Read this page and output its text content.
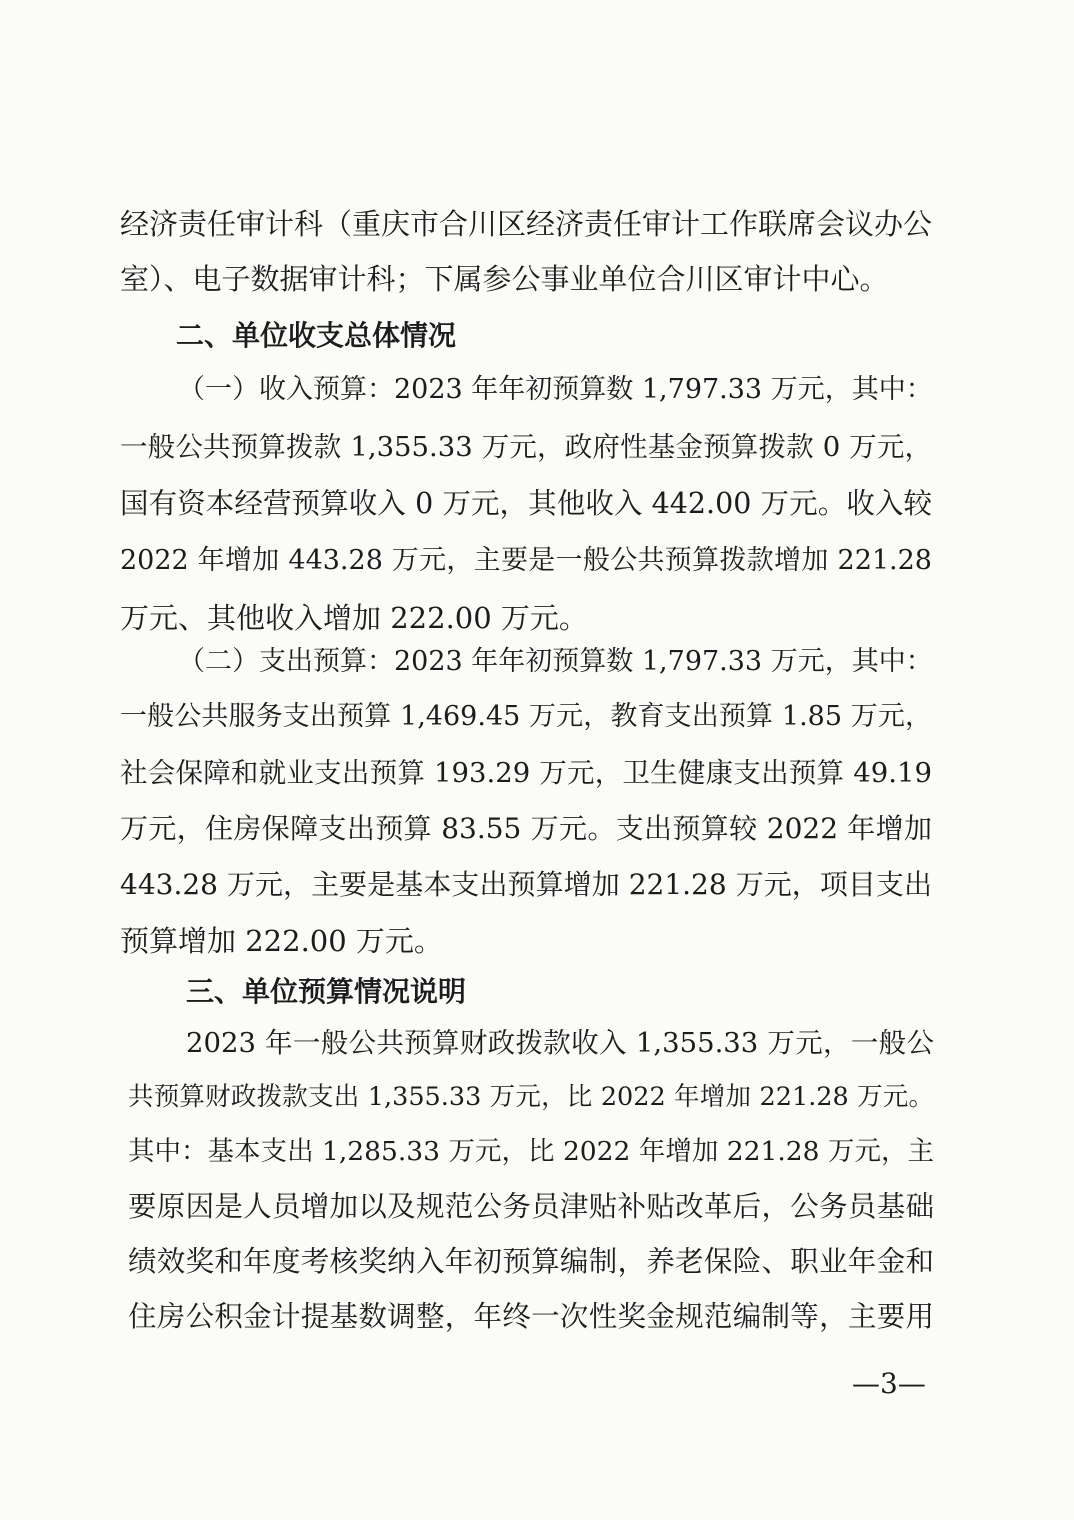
经济责任审计科（重庆市合川区经济责任审计工作联席会议办公
室）、电子数据审计科；下属参公事业单位合川区审计中心。
二、单位收支总体情况
（一）收入预算：2023 年年初预算数 1,797.33 万元，其中：
一般公共预算拨款 1,355.33 万元，政府性基金预算拨款 0 万元，
国有资本经营预算收入 0 万元，其他收入 442.00 万元。收入较
2022 年增加 443.28 万元，主要是一般公共预算拨款增加 221.28
万元、其他收入增加 222.00 万元。
（二）支出预算：2023 年年初预算数 1,797.33 万元，其中：
一般公共服务支出预算 1,469.45 万元，教育支出预算 1.85 万元，
社会保障和就业支出预算 193.29 万元，卫生健康支出预算 49.19
万元，住房保障支出预算 83.55 万元。支出预算较 2022 年增加
443.28 万元，主要是基本支出预算增加 221.28 万元，项目支出
预算增加 222.00 万元。
三、单位预算情况说明
2023 年一般公共预算财政拨款收入 1,355.33 万元，一般公
共预算财政拨款支出 1,355.33 万元，比 2022 年增加 221.28 万元。
其中：基本支出 1,285.33 万元，比 2022 年增加 221.28 万元，主
要原因是人员增加以及规范公务员津贴补贴改革后，公务员基础
绩效奖和年度考核奖纳入年初预算编制，养老保险、职业年金和
住房公积金计提基数调整，年终一次性奖金规范编制等，主要用
—3—
